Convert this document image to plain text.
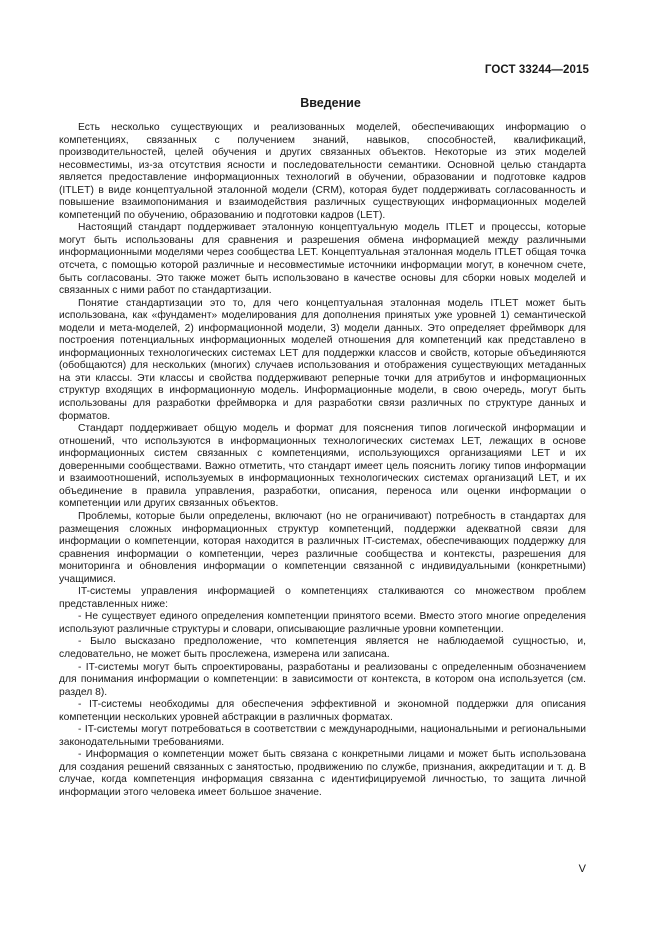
ГОСТ 33244—2015
Введение

Есть несколько существующих и реализованных моделей, обеспечивающих информацию о компетенциях, связанных с получением знаний, навыков, способностей, квалификаций, производительностей, целей обучения и других связанных объектов. Некоторые из этих моделей несовместимы, из-за отсутствия ясности и последовательности семантики. Основной целью стандарта является предоставление информационных технологий в обучении, образовании и подготовке кадров (ITLET) в виде концептуальной эталонной модели (CRM), которая будет поддерживать согласованность и повышение взаимопонимания и взаимодействия различных существующих информационных моделей компетенций по обучению, образованию и подготовки кадров (LET).

Настоящий стандарт поддерживает эталонную концептуальную модель ITLET и процессы, которые могут быть использованы для сравнения и разрешения обмена информацией между различными информационными моделями через сообщества LET. Концептуальная эталонная модель ITLET общая точка отсчета, с помощью которой различные и несовместимые источники информации могут, в конечном счете, быть согласованы. Это также может быть использовано в качестве основы для сборки новых моделей и связанных с ними работ по стандартизации.

Понятие стандартизации это то, для чего концептуальная эталонная модель ITLET может быть использована, как «фундамент» моделирования для дополнения принятых уже уровней 1) семантической модели и мета-моделей, 2) информационной модели, 3) модели данных. Это определяет фреймворк для построения потенциальных информационных моделей отношения для компетенций как представлено в информационных технологических системах LET для поддержки классов и свойств, которые объединяются (обобщаются) для нескольких (многих) случаев использования и отображения существующих метаданных на эти классы. Эти классы и свойства поддерживают реперные точки для атрибутов и информационных структур входящих в информационную модель. Информационные модели, в свою очередь, могут быть использованы для разработки фреймворка и для разработки связи различных по структуре данных и форматов.

Стандарт поддерживает общую модель и формат для пояснения типов логической информации и отношений, что используются в информационных технологических системах LET, лежащих в основе информационных систем связанных с компетенциями, использующихся организациями LET и их доверенными сообществами. Важно отметить, что стандарт имеет цель пояснить логику типов информации и взаимоотношений, используемых в информационных технологических системах организаций LET, и их объединение в правила управления, разработки, описания, переноса или оценки информации о компетенции или других связанных объектов.

Проблемы, которые были определены, включают (но не ограничивают) потребность в стандартах для размещения сложных информационных структур компетенций, поддержки адекватной связи для информации о компетенции, которая находится в различных IT-системах, обеспечивающих поддержку для сравнения информации о компетенции, через различные сообщества и контексты, разрешения для мониторинга и обновления информации о компетенции связанной с индивидуальными (конкретными) учащимися.

IT-системы управления информацией о компетенциях сталкиваются со множеством проблем представленных ниже:

- Не существует единого определения компетенции принятого всеми. Вместо этого многие определения используют различные структуры и словари, описывающие различные уровни компетенции.

- Было высказано предположение, что компетенция является не наблюдаемой сущностью, и, следовательно, не может быть прослежена, измерена или записана.

- IT-системы могут быть спроектированы, разработаны и реализованы с определенным обозначением для понимания информации о компетенции: в зависимости от контекста, в котором она используется (см. раздел 8).

- IT-системы необходимы для обеспечения эффективной и экономной поддержки для описания компетенции нескольких уровней абстракции в различных форматах.

- IT-системы могут потребоваться в соответствии с международными, национальными и региональными законодательными требованиями.

- Информация о компетенции может быть связана с конкретными лицами и может быть использована для создания решений связанных с занятостью, продвижению по службе, признания, аккредитации и т. д. В случае, когда компетенция информация связанна с идентифицируемой личностью, то защита личной информации этого человека имеет большое значение.

V
